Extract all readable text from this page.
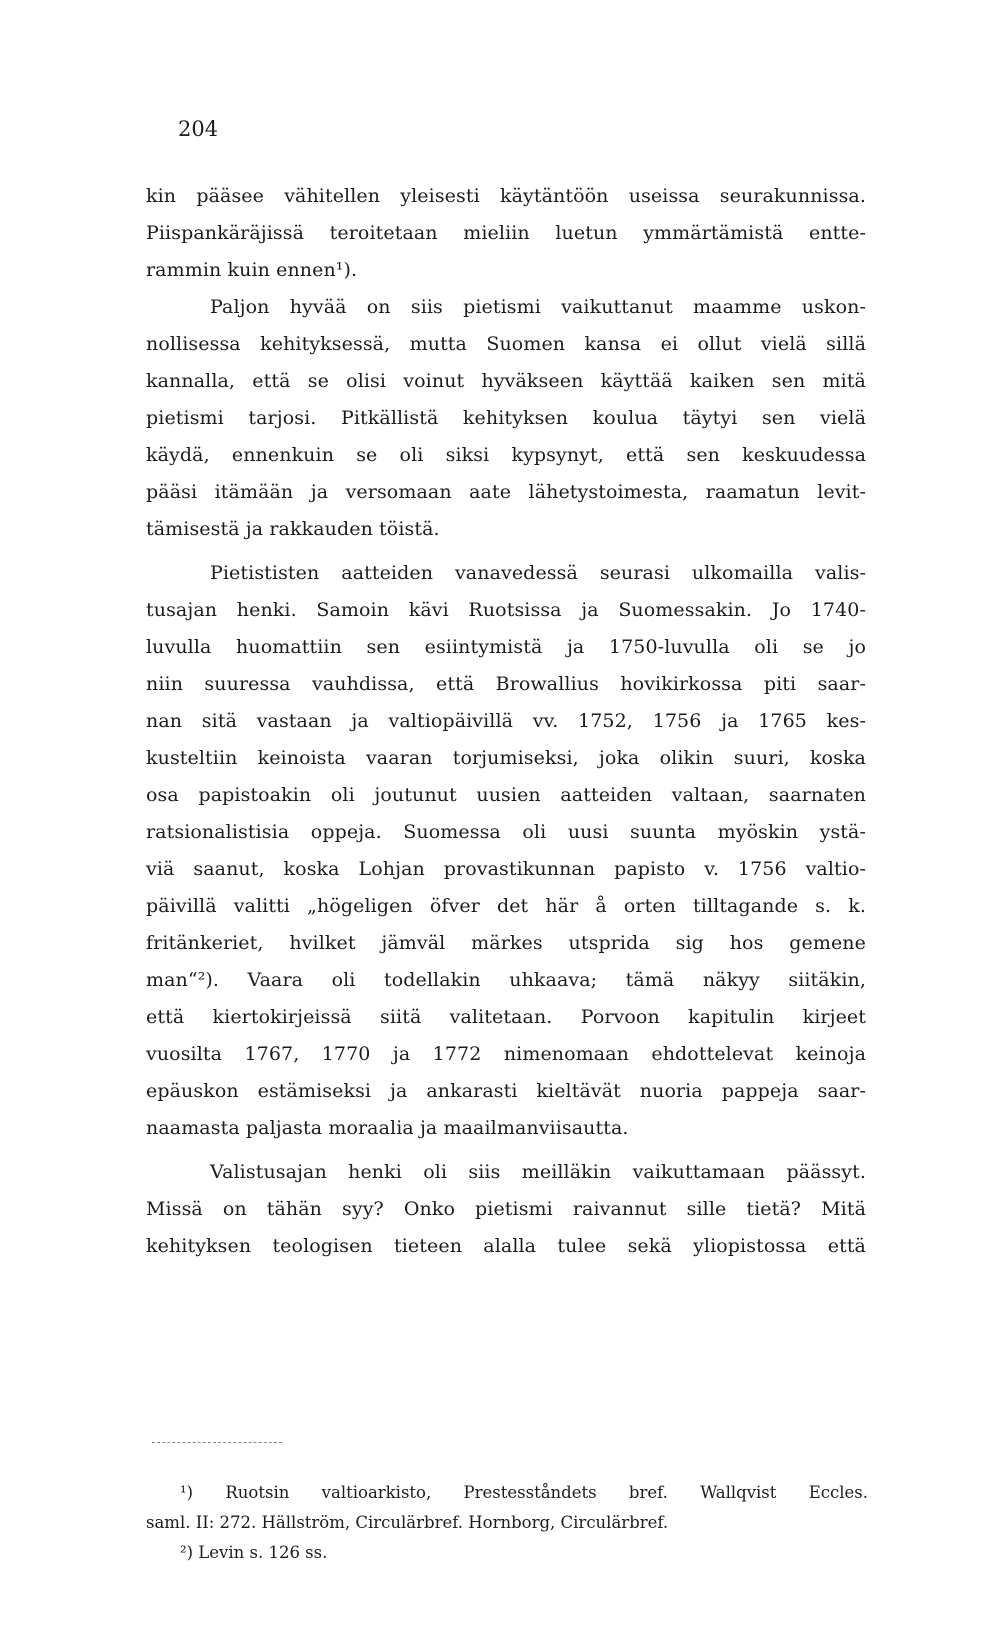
204
kin pääsee vähitellen yleisesti käytäntöön useissa seurakunnissa.
Piispankäräjissä teroitetaan mieliin luetun ymmärtämistä entte-
rammin kuin ennen¹).
Paljon hyvää on siis pietismi vaikuttanut maamme uskon-
nollisessa kehityksessä, mutta Suomen kansa ei ollut vielä sillä
kannalla, että se olisi voinut hyväkseen käyttää kaiken sen mitä
pietismi tarjosi. Pitkällistä kehityksen koulua täytyi sen vielä
käydä, ennenkuin se oli siksi kypsynyt, että sen keskuudessa
pääsi itämään ja versomaan aate lähetystoimesta, raamatun levit-
tämisestä ja rakkauden töistä.
Pietististen aatteiden vanavedessä seurasi ulkomailla valis-
tusajan henki. Samoin kävi Ruotsissa ja Suomessakin. Jo 1740-
luvulla huomattiin sen esiintymistä ja 1750-luvulla oli se jo
niin suuressa vauhdissa, että Browallius hovikirkossa piti saar-
nan sitä vastaan ja valtiopäivillä vv. 1752, 1756 ja 1765 kes-
kusteltiin keinoista vaaran torjumiseksi, joka olikin suuri, koska
osa papistoakin oli joutunut uusien aatteiden valtaan, saarnaten
ratsionalistisia oppeja. Suomessa oli uusi suunta myöskin ystä-
viä saanut, koska Lohjan provastikunnan papisto v. 1756 valtio-
päivillä valitti „högeligen öfver det här å orten tilltagande s. k.
fritänkeriet, hvilket jämväl märkes utsprida sig hos gemene
man“²). Vaara oli todellakin uhkaava; tämä näkyy siitäkin,
että kiertokirjeissä siitä valitetaan. Porvoon kapitulin kirjeet
vuosilta 1767, 1770 ja 1772 nimenomaan ehdottelevat keinoja
epäuskon estämiseksi ja ankarasti kieltävät nuoria pappeja saar-
naamasta paljasta moraalia ja maailmanviisautta.
Valistusajan henki oli siis meilläkin vaikuttamaan päässyt.
Missä on tähän syy? Onko pietismi raivannut sille tietä? Mitä
kehityksen teologisen tieteen alalla tulee sekä yliopistossa että
¹) Ruotsin valtioarkisto, Prestesståndets bref. Wallqvist Eccles.
saml. II: 272. Hällström, Circulärbref. Hornborg, Circulärbref.
²) Levin s. 126 ss.
